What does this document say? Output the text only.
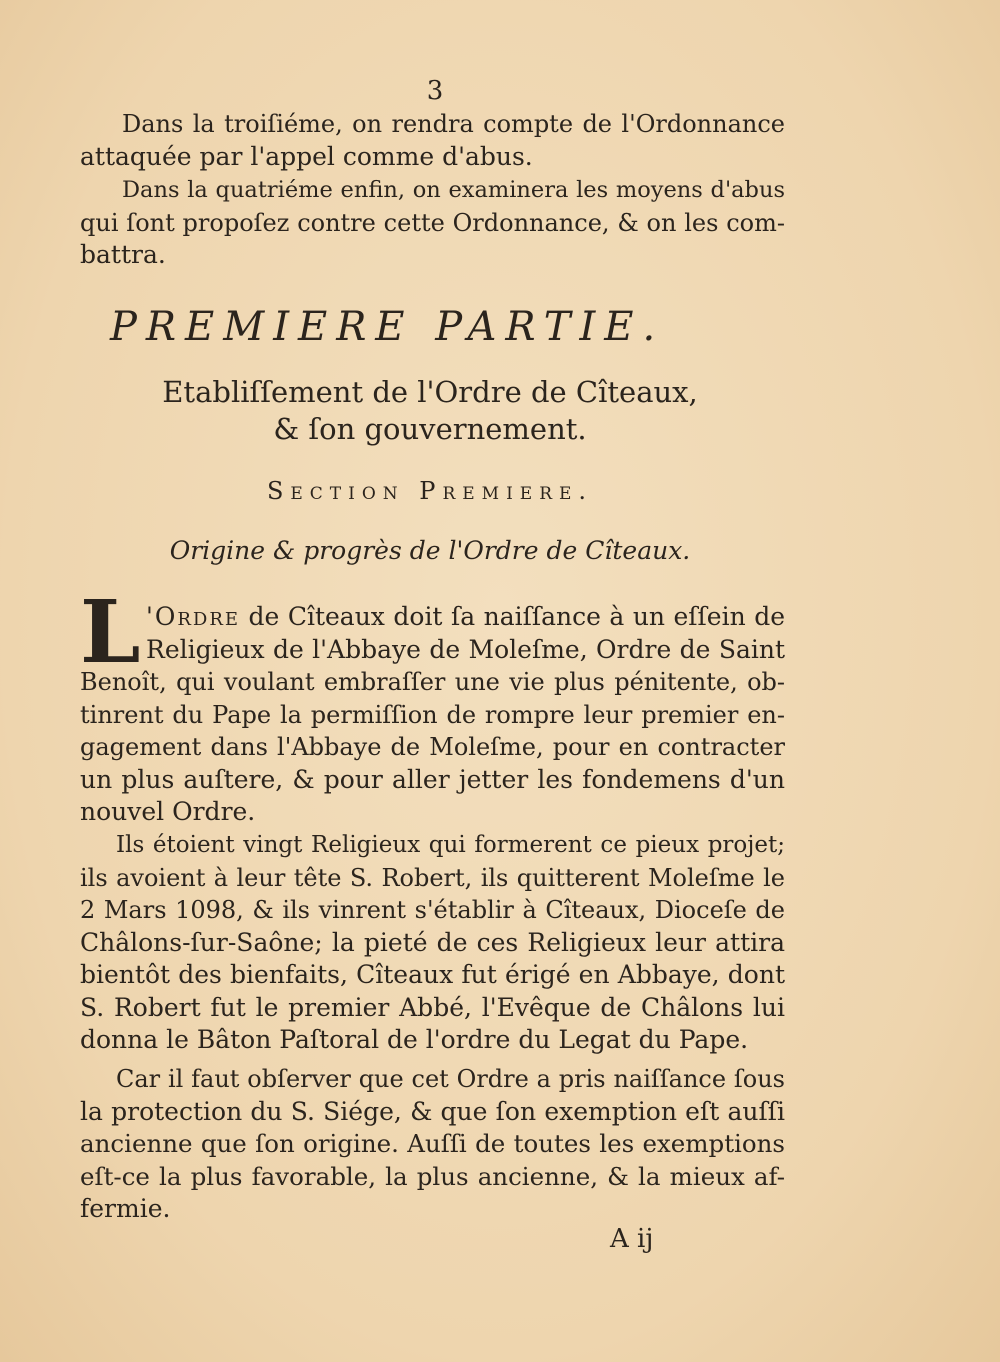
3
Dans la troiſiéme, on rendra compte de l'Ordonnance
attaquée par l'appel comme d'abus.
Dans la quatriéme enfin, on examinera les moyens d'abus
qui ſont propoſez contre cette Ordonnance, & on les com-
battra.
PREMIERE PARTIE.
Etabliſſement de l'Ordre de Cîteaux,
& ſon gouvernement.
Section Premiere.
Origine & progrès de l'Ordre de Cîteaux.
L 'Ordre de Cîteaux doit ſa naiſſance à un eſſein de
Religieux de l'Abbaye de Moleſme, Ordre de Saint
Benoît, qui voulant embraſſer une vie plus pénitente, ob-
tinrent du Pape la permiſſion de rompre leur premier en-
gagement dans l'Abbaye de Moleſme, pour en contracter
un plus auſtere, & pour aller jetter les fondemens d'un
nouvel Ordre.
Ils étoient vingt Religieux qui formerent ce pieux projet;
ils avoient à leur tête S. Robert, ils quitterent Moleſme le
2 Mars 1098, & ils vinrent s'établir à Cîteaux, Dioceſe de
Châlons-ſur-Saône; la pieté de ces Religieux leur attira
bientôt des bienfaits, Cîteaux fut érigé en Abbaye, dont
S. Robert fut le premier Abbé, l'Evêque de Châlons lui
donna le Bâton Paſtoral de l'ordre du Legat du Pape.
Car il faut obſerver que cet Ordre a pris naiſſance ſous
la protection du S. Siége, & que ſon exemption eſt auſſi
ancienne que ſon origine. Auſſi de toutes les exemptions
eſt-ce la plus favorable, la plus ancienne, & la mieux af-
fermie.
A ij
